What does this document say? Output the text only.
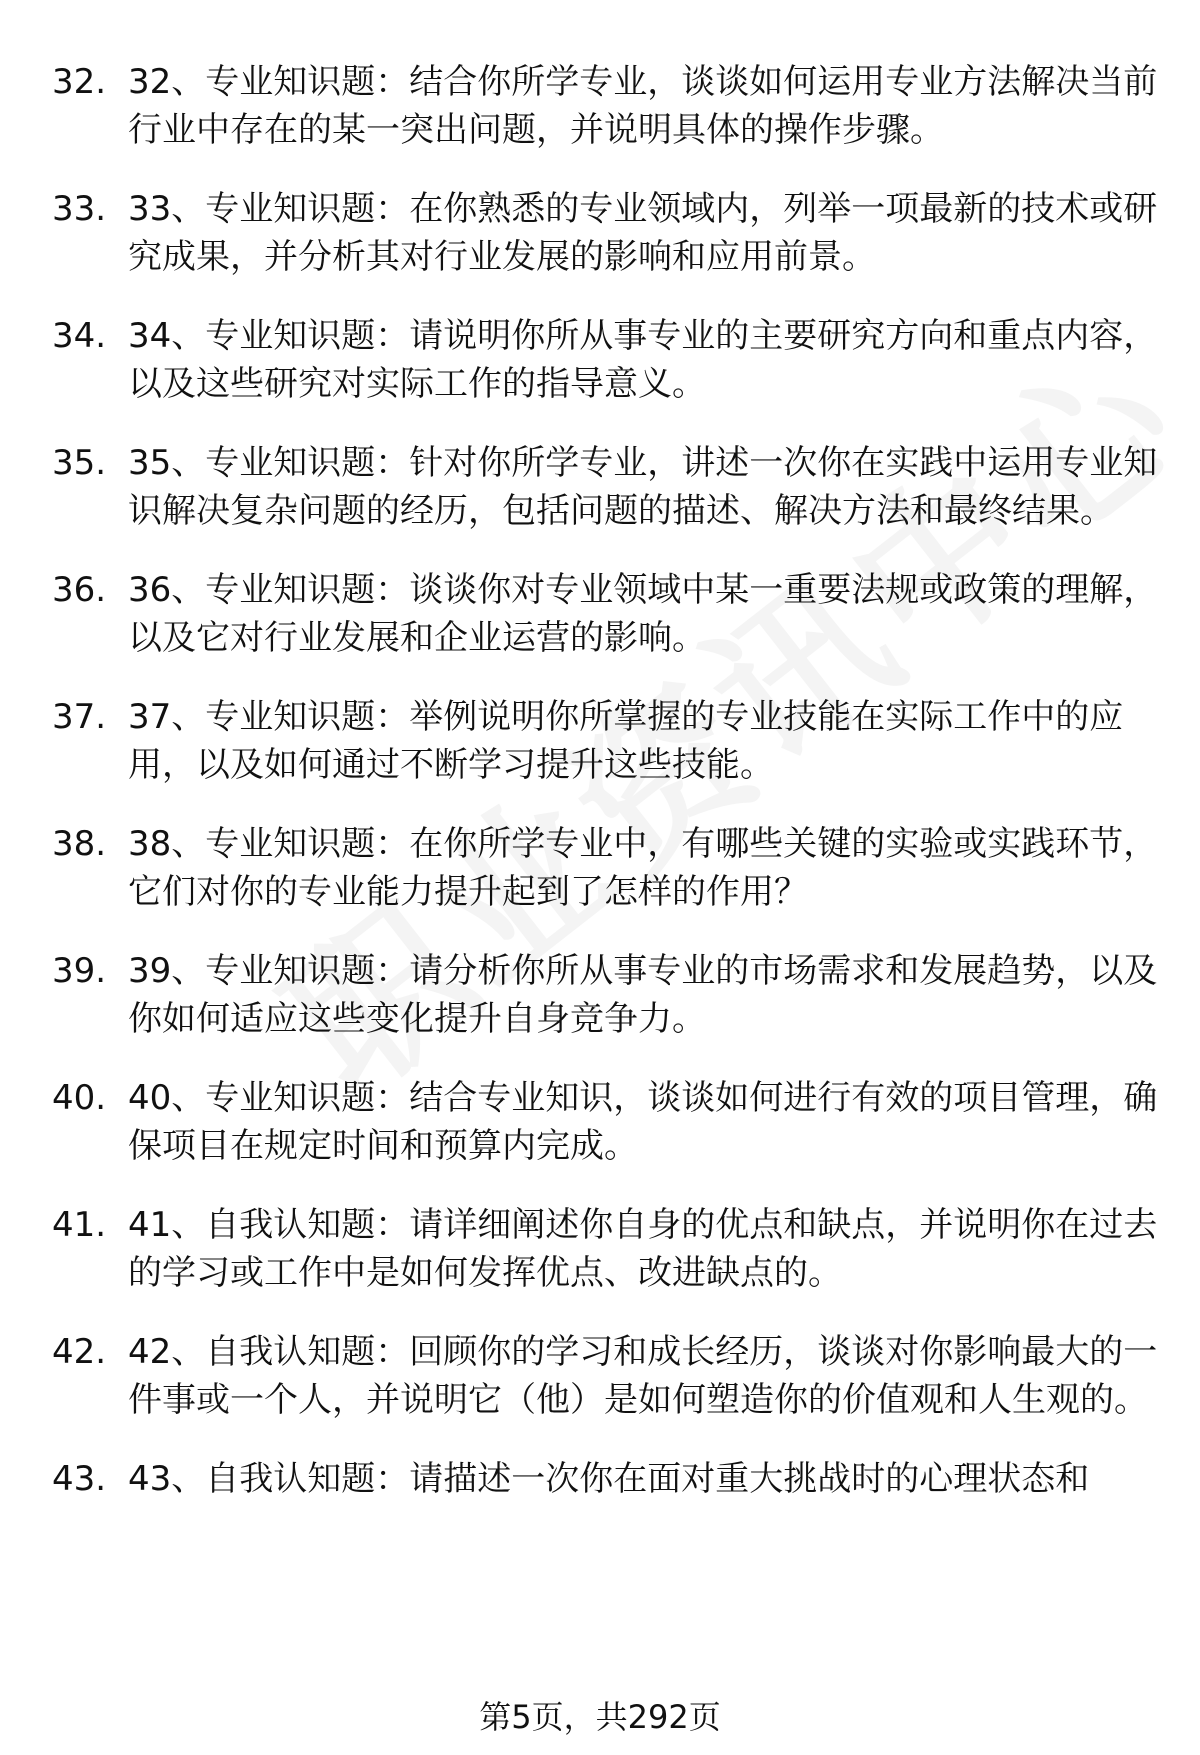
32. 32、专业知识题：结合你所学专业，谈谈如何运用专业方法解决当前行业中存在的某一突出问题，并说明具体的操作步骤。
33. 33、专业知识题：在你熟悉的专业领域内，列举一项最新的技术或研究成果，并分析其对行业发展的影响和应用前景。
34. 34、专业知识题：请说明你所从事专业的主要研究方向和重点内容，以及这些研究对实际工作的指导意义。
35. 35、专业知识题：针对你所学专业，讲述一次你在实践中运用专业知识解决复杂问题的经历，包括问题的描述、解决方法和最终结果。
36. 36、专业知识题：谈谈你对专业领域中某一重要法规或政策的理解，以及它对行业发展和企业运营的影响。
37. 37、专业知识题：举例说明你所掌握的专业技能在实际工作中的应用，以及如何通过不断学习提升这些技能。
38. 38、专业知识题：在你所学专业中，有哪些关键的实验或实践环节，它们对你的专业能力提升起到了怎样的作用？
39. 39、专业知识题：请分析你所从事专业的市场需求和发展趋势，以及你如何适应这些变化提升自身竞争力。
40. 40、专业知识题：结合专业知识，谈谈如何进行有效的项目管理，确保项目在规定时间和预算内完成。
41. 41、自我认知题：请详细阐述你自身的优点和缺点，并说明你在过去的学习或工作中是如何发挥优点、改进缺点的。
42. 42、自我认知题：回顾你的学习和成长经历，谈谈对你影响最大的一件事或一个人，并说明它（他）是如何塑造你的价值观和人生观的。
43. 43、自我认知题：请描述一次你在面对重大挑战时的心理状态和
第5页，共292页
